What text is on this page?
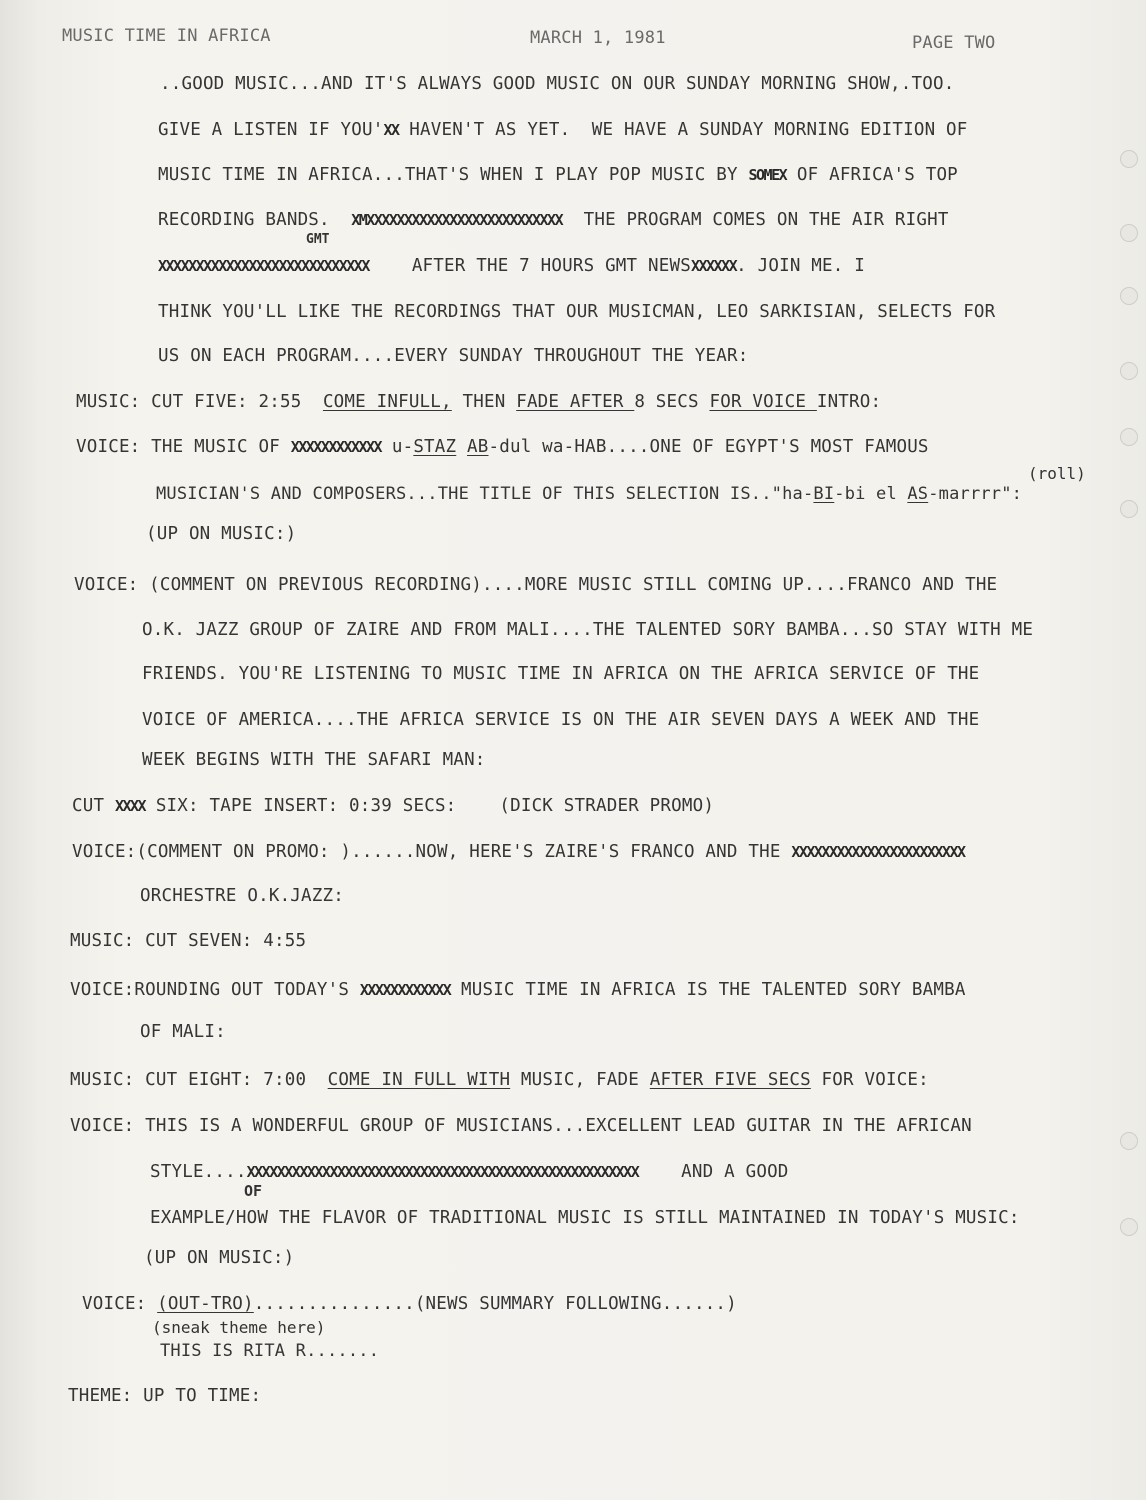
MUSIC TIME IN AFRICA	MARCH 1, 1981	PAGE TWO
..GOOD MUSIC...AND IT'S ALWAYS GOOD MUSIC ON OUR SUNDAY MORNING SHOW,.TOO.
GIVE A LISTEN IF YOU'XX HAVEN'T AS YET.  WE HAVE A SUNDAY MORNING EDITION OF
MUSIC TIME IN AFRICA...THAT'S WHEN I PLAY POP MUSIC BY SOMEX OF AFRICA'S TOP
RECORDING BANDS.  XMXXXXXXXXXXXXXXXXXXXXXXXXXX  THE PROGRAM COMES ON THE AIR RIGHT
GMT
XXXXXXXXXXXXXXXXXXXXXXXXXXXX    AFTER THE 7 HOURS GMT NEWSXXXXXX. JOIN ME. I
THINK YOU'LL LIKE THE RECORDINGS THAT OUR MUSICMAN, LEO SARKISIAN, SELECTS FOR
US ON EACH PROGRAM....EVERY SUNDAY THROUGHOUT THE YEAR:
MUSIC: CUT FIVE: 2:55  COME INFULL, THEN FADE AFTER 8 SECS FOR VOICE INTRO:
VOICE: THE MUSIC OF XXXXXXXXXXXX u-STAZ AB-dul wa-HAB....ONE OF EGYPT'S MOST FAMOUS
(roll)
MUSICIAN'S AND COMPOSERS...THE TITLE OF THIS SELECTION IS.."ha-BI-bi el AS-marrrr":
(UP ON MUSIC:)
VOICE: (COMMENT ON PREVIOUS RECORDING)....MORE MUSIC STILL COMING UP....FRANCO AND THE
O.K. JAZZ GROUP OF ZAIRE AND FROM MALI....THE TALENTED SORY BAMBA...SO STAY WITH ME
FRIENDS. YOU'RE LISTENING TO MUSIC TIME IN AFRICA ON THE AFRICA SERVICE OF THE
VOICE OF AMERICA....THE AFRICA SERVICE IS ON THE AIR SEVEN DAYS A WEEK AND THE
WEEK BEGINS WITH THE SAFARI MAN:
CUT XXXX SIX: TAPE INSERT: 0:39 SECS:    (DICK STRADER PROMO)
VOICE:(COMMENT ON PROMO: )......NOW, HERE'S ZAIRE'S FRANCO AND THE XXXXXXXXXXXXXXXXXXXXXXX
ORCHESTRE O.K.JAZZ:
MUSIC: CUT SEVEN: 4:55
VOICE:ROUNDING OUT TODAY'S XXXXXXXXXXXX MUSIC TIME IN AFRICA IS THE TALENTED SORY BAMBA
OF MALI:
MUSIC: CUT EIGHT: 7:00  COME IN FULL WITH MUSIC, FADE AFTER FIVE SECS FOR VOICE:
VOICE: THIS IS A WONDERFUL GROUP OF MUSICIANS...EXCELLENT LEAD GUITAR IN THE AFRICAN
STYLE....XXXXXXXXXXXXXXXXXXXXXXXXXXXXXXXXXXXXXXXXXXXXXXXXXXXX    AND A GOOD
OF
EXAMPLE/HOW THE FLAVOR OF TRADITIONAL MUSIC IS STILL MAINTAINED IN TODAY'S MUSIC:
(UP ON MUSIC:)
VOICE: (OUT-TRO)...............(NEWS SUMMARY FOLLOWING......)
(sneak theme here)
THIS IS RITA R.......
THEME: UP TO TIME:
